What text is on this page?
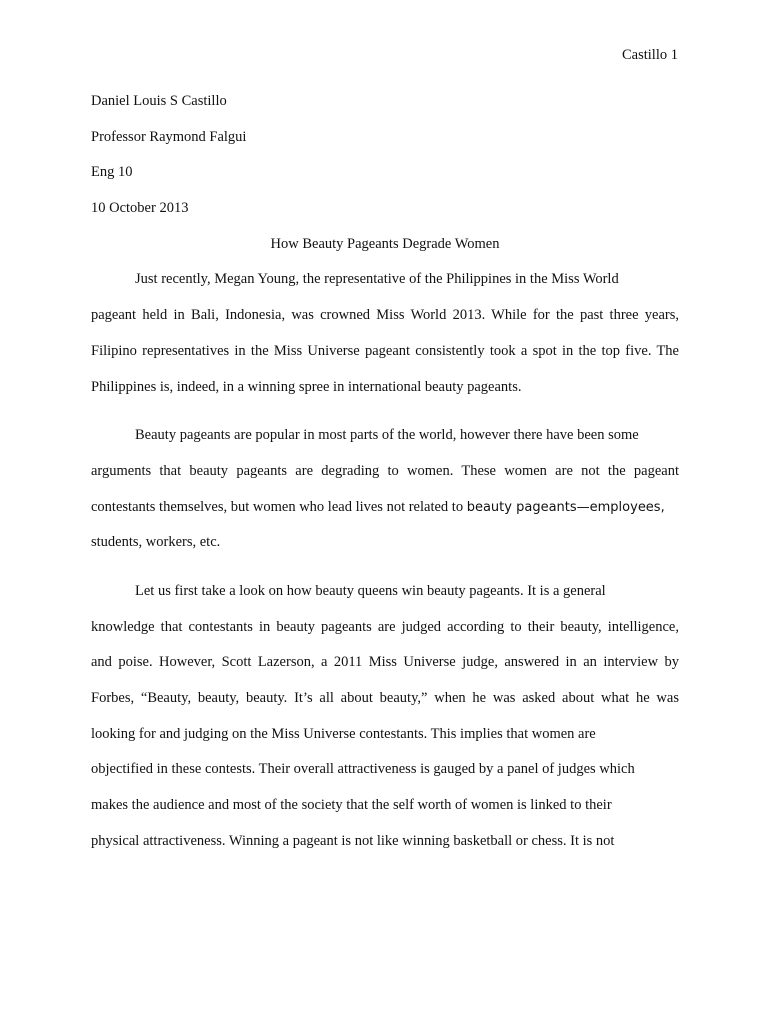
Castillo 1
Daniel Louis S Castillo
Professor Raymond Falgui
Eng 10
10 October 2013
How Beauty Pageants Degrade Women
Just recently, Megan Young, the representative of the Philippines in the Miss World
pageant held in Bali, Indonesia, was crowned Miss World 2013. While for the past three years,
Filipino representatives in the Miss Universe pageant consistently took a spot in the top five. The
Philippines is, indeed, in a winning spree in international beauty pageants.
Beauty pageants are popular in most parts of the world, however there have been some
arguments that beauty pageants are degrading to women. These women are not the pageant
contestants themselves, but women who lead lives not related to beauty pageants—employees,
students, workers, etc.
Let us first take a look on how beauty queens win beauty pageants. It is a general
knowledge that contestants in beauty pageants are judged according to their beauty, intelligence,
and poise. However, Scott Lazerson, a 2011 Miss Universe judge, answered in an interview by
Forbes, “Beauty, beauty, beauty. It’s all about beauty,” when he was asked about what he was
looking for and judging on the Miss Universe contestants. This implies that women are
objectified in these contests. Their overall attractiveness is gauged by a panel of judges which
makes the audience and most of the society that the self worth of women is linked to their
physical attractiveness. Winning a pageant is not like winning basketball or chess. It is not
